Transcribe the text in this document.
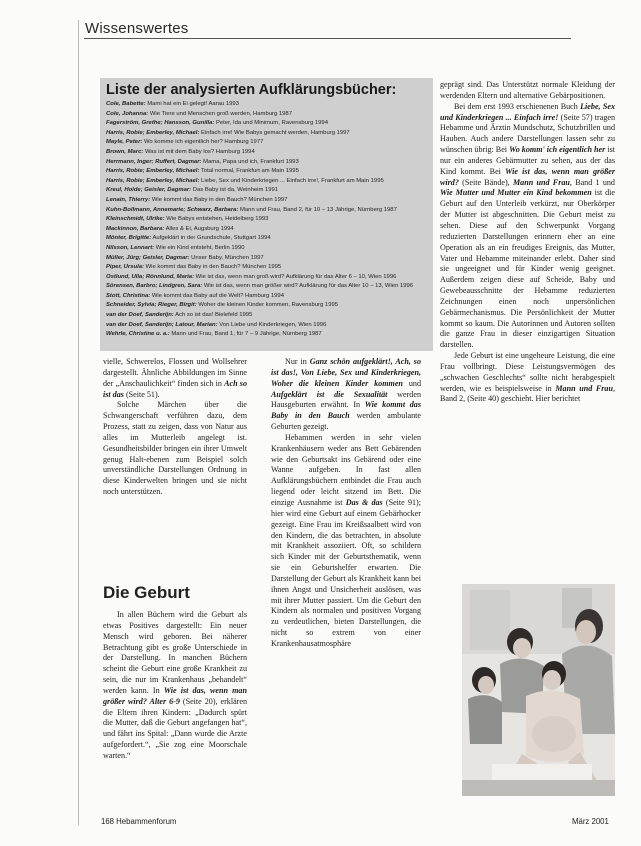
Wissenswertes
Liste der analysierten Aufklärungsbücher:
Cole, Babette: Mami hat ein Ei gelegt! Aarau 1993
Cole, Johanna: Wie Tiere und Menschen groß werden, Hamburg 1987
Fagerström, Grethe; Hansson, Gunilla: Peter, Ida und Minimum, Ravensburg 1994
Harris, Robie; Emberley, Michael: Einfach irre! Wie Babys gemacht werden, Hamburg 1997
Mayle, Peter: Wo komme ich eigentlich her? Hamburg 1977
Brown, Marc: Was ist mit dem Baby los? Hamburg 1994
Herrmann, Inger; Ruffert, Dagmar: Mama, Papa und ich, Frankfurt 1993
Harris, Robie; Emberley, Michael: Total normal, Frankfurt am Main 1995
Harris, Robie; Emberley, Michael: Liebe, Sex und Kinderkriegen ... Einfach irre!, Frankfurt am Main 1995
Kreul, Holde; Geisler, Dagmar: Das Baby ist da, Weinheim 1991
Lenain, Thierry: Wie kommt das Baby in den Bauch? München 1997
Kuhn-Bollmann, Annemarie; Schwarz, Barbara: Mann und Frau, Band 2, für 10 – 13 Jährige, Nürnberg 1987
Kleinschmidt, Ulrike: Wie Babys entstehen, Heidelberg 1993
Mackinnon, Barbara: Alles & Ei, Augsburg 1994
Mönter, Brigitte: Aufgeklärt in der Grundschule, Stuttgart 1994
Nilsson, Lennart: Wie ein Kind entsteht, Berlin 1990
Müller, Jürg; Geisler, Dagmar: Unser Baby, München 1997
Piper, Ursula: Wie kommt das Baby in den Bauch? München 1995
Ostlund, Ulla; Rönnlund, Maria: Wie ist das, wenn man groß wird? Aufklärung für das Alter 6 – 10, Wien 1996
Sörensen, Barbro; Lindgren, Sara: Wie ist das, wenn man größer wird? Aufklärung für das Alter 10 – 13, Wien 1996
Stott, Christina: Wie kommt das Baby auf die Welt? Hamburg 1994
Schneider, Sylvia; Rieger, Birgit: Woher die kleinen Kinder kommen, Ravensburg 1995
van der Doef, Sanderijn: Ach so ist das! Bielefeld 1995
van der Doef, Sanderijn; Latour, Marian: Von Liebe und Kinderkriegen, Wien 1996
Wehrle, Christine u. a.: Mann und Frau, Band 1, für 7 – 9 Jährige, Nürnberg 1987

vielle, Schwerelos, Flossen und Wollsehrer dargestellt. Ähnliche Abbildungen im Sinne der „Anschaulichkeit“ finden sich in Ach so ist das (Seite 51).

Solche Märchen über die Schwangerschaft verführen dazu, dem Prozess, statt zu zeigen, dass von Natur aus alles im Mutterleib angelegt ist. Gesundheitsbilder bringen ein ihrer Umwelt genug Halt-ebenen zum Beispiel solch unverständliche Darstellungen Ordnung in diese Kinderwelten bringen und sie nicht noch unterstützen.

Die Geburt

In allen Büchern wird die Geburt als etwas Positives dargestellt: Ein neuer Mensch wird geboren. Bei näherer Betrachtung gibt es große Unterschiede in der Darstellung. In manchen Büchern scheint die Geburt eine große Krankheit zu sein, die nur im Krankenhaus „behandelt“ werden kann. In Wie ist das, wenn man größer wird? Alter 6-9 (Seite 20), erklären die Eltern ihren Kindern: „Dadurch spürt die Mutter, daß die Geburt angefangen hat“, und fährt ins Spital: „Dann wurde die Arzte aufgefordert.“, „Sie zog eine Moorschale warten.“

Nur in Ganz schön aufgeklärt!, Ach, so ist das!, Von Liebe, Sex und Kinderkriegen, Woher die kleinen Kinder kommen und Aufgeklärt ist die Sexualität werden Hausgeburten erwähnt. In Wie kommt das Baby in den Bauch werden ambulante Geburten gezeigt.

Hebammen werden in sehr vielen Krankenhäusern weder ans Bett Gebärenden wie den Geburtsakt ins Gebärend oder eine Wanne aufgeben. In fast allen Aufklärungsbüchern entbindet die Frau auch liegend oder leicht sitzend im Bett. Die einzige Ausnahme ist Das & das (Seite 91); hier wird eine Geburt auf einem Gebärhocker gezeigt. Eine Frau im Kreißsaalbett wird von den Kindern, die das betrachten, in absolute mit Krankheit assoziiert. Oft, so schildern sich Kinder mit der Geburtsthematik, wenn sie ein Geburtshelfer erwarten. Die Darstellung der Geburt als Krankheit kann bei ihnen Angst und Unsicherheit auslösen, was mit ihrer Mutter passiert. Um die Geburt den Kindern als normalen und positiven Vorgang zu verdeutlichen, bieten Darstellungen, die nicht so extrem von einer Krankenhausatmosphäre

geprägt sind. Das Unterstützt normale Kleidung der werdenden Eltern und alternative Gebärpositionen.

Bei dem erst 1993 erschienenen Buch Liebe, Sex und Kinderkriegen ... Einfach irre! (Seite 57) tragen Hebamme und Ärztin Mundschutz, Schutzbrillen und Hauben. Auch andere Darstellungen lassen sehr zu wünschen übrig: Bei Wo komm' ich eigentlich her ist nur ein anderes Gebärmutter zu sehen, aus der das Kind kommt. Bei Wie ist das, wenn man größer wird? (Seite Bände), Mann und Frau, Band 1 und Wie Mutter und Mutter ein Kind bekommen ist die Geburt auf den Unterleib verkürzt, nur Oberkörper der Mutter ist abgeschnitten. Die Geburt meist zu sehen. Diese auf den Schwerpunkt Vorgang reduzierten Darstellungen erinnern eher an eine Operation als an ein freudiges Ereignis, das Mutter, Vater und Hebamme miteinander erlebt. Daher sind sie ungeeignet und für Kinder wenig geeignet. Außerdem zeigen diese auf Scheide, Baby und Gewebeausschnitte der Hebamme reduzierten Zeichnungen einen noch unpersönlichen Gebärmechanismus. Die Persönlichkeit der Mutter kommt so kaum. Die Autorinnen und Autoren sollten die ganze Frau in dieser einzigartigen Situation darstellen.

Jede Geburt ist eine ungeheure Leistung, die eine Frau vollbringt. Diese Leistungsvermögen des „schwachen Geschlechts“ sollte nicht herabgespielt werden, wie es beispielsweise in Mann und Frau, Band 2, (Seite 40) geschieht. Hier berichtet

168 Hebammenforum	März 2001
